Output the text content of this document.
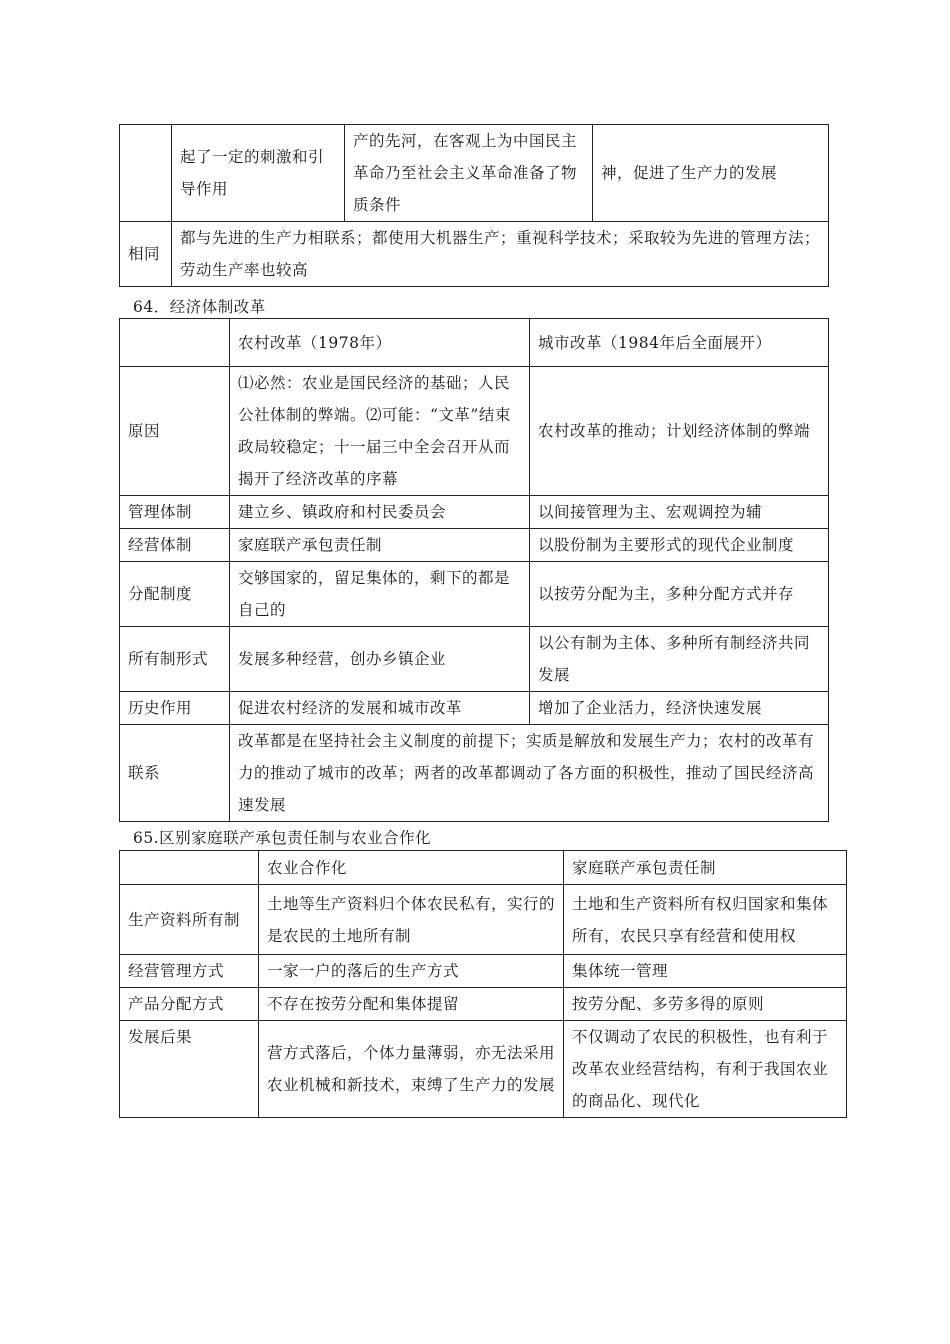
	起了一定的刺激和引导作用	产的先河，在客观上为中国民主革命乃至社会主义革命准备了物质条件	神，促进了生产力的发展
相同	都与先进的生产力相联系；都使用大机器生产；重视科学技术；采取较为先进的管理方法；劳动生产率也较高		
64．经济体制改革
	农村改革（1978年）	城市改革（1984年后全面展开）
原因	⑴必然：农业是国民经济的基础；人民公社体制的弊端。⑵可能：“文革”结束政局较稳定；十一届三中全会召开从而揭开了经济改革的序幕	农村改革的推动；计划经济体制的弊端
管理体制	建立乡、镇政府和村民委员会	以间接管理为主、宏观调控为辅
经营体制	家庭联产承包责任制	以股份制为主要形式的现代企业制度
分配制度	交够国家的，留足集体的，剩下的都是自己的	以按劳分配为主，多种分配方式并存
所有制形式	发展多种经营，创办乡镇企业	以公有制为主体、多种所有制经济共同发展
历史作用	促进农村经济的发展和城市改革	增加了企业活力，经济快速发展
联系	改革都是在坚持社会主义制度的前提下；实质是解放和发展生产力；农村的改革有力的推动了城市的改革；两者的改革都调动了各方面的积极性，推动了国民经济高速发展	
65.区别家庭联产承包责任制与农业合作化
	农业合作化	家庭联产承包责任制
生产资料所有制	土地等生产资料归个体农民私有，实行的是农民的土地所有制	土地和生产资料所有权归国家和集体所有，农民只享有经营和使用权
经营管理方式	一家一户的落后的生产方式	集体统一管理
产品分配方式	不存在按劳分配和集体提留	按劳分配、多劳多得的原则
发展后果	营方式落后，个体力量薄弱，亦无法采用农业机械和新技术，束缚了生产力的发展	不仅调动了农民的积极性，也有利于改革农业经营结构，有利于我国农业的商品化、现代化
